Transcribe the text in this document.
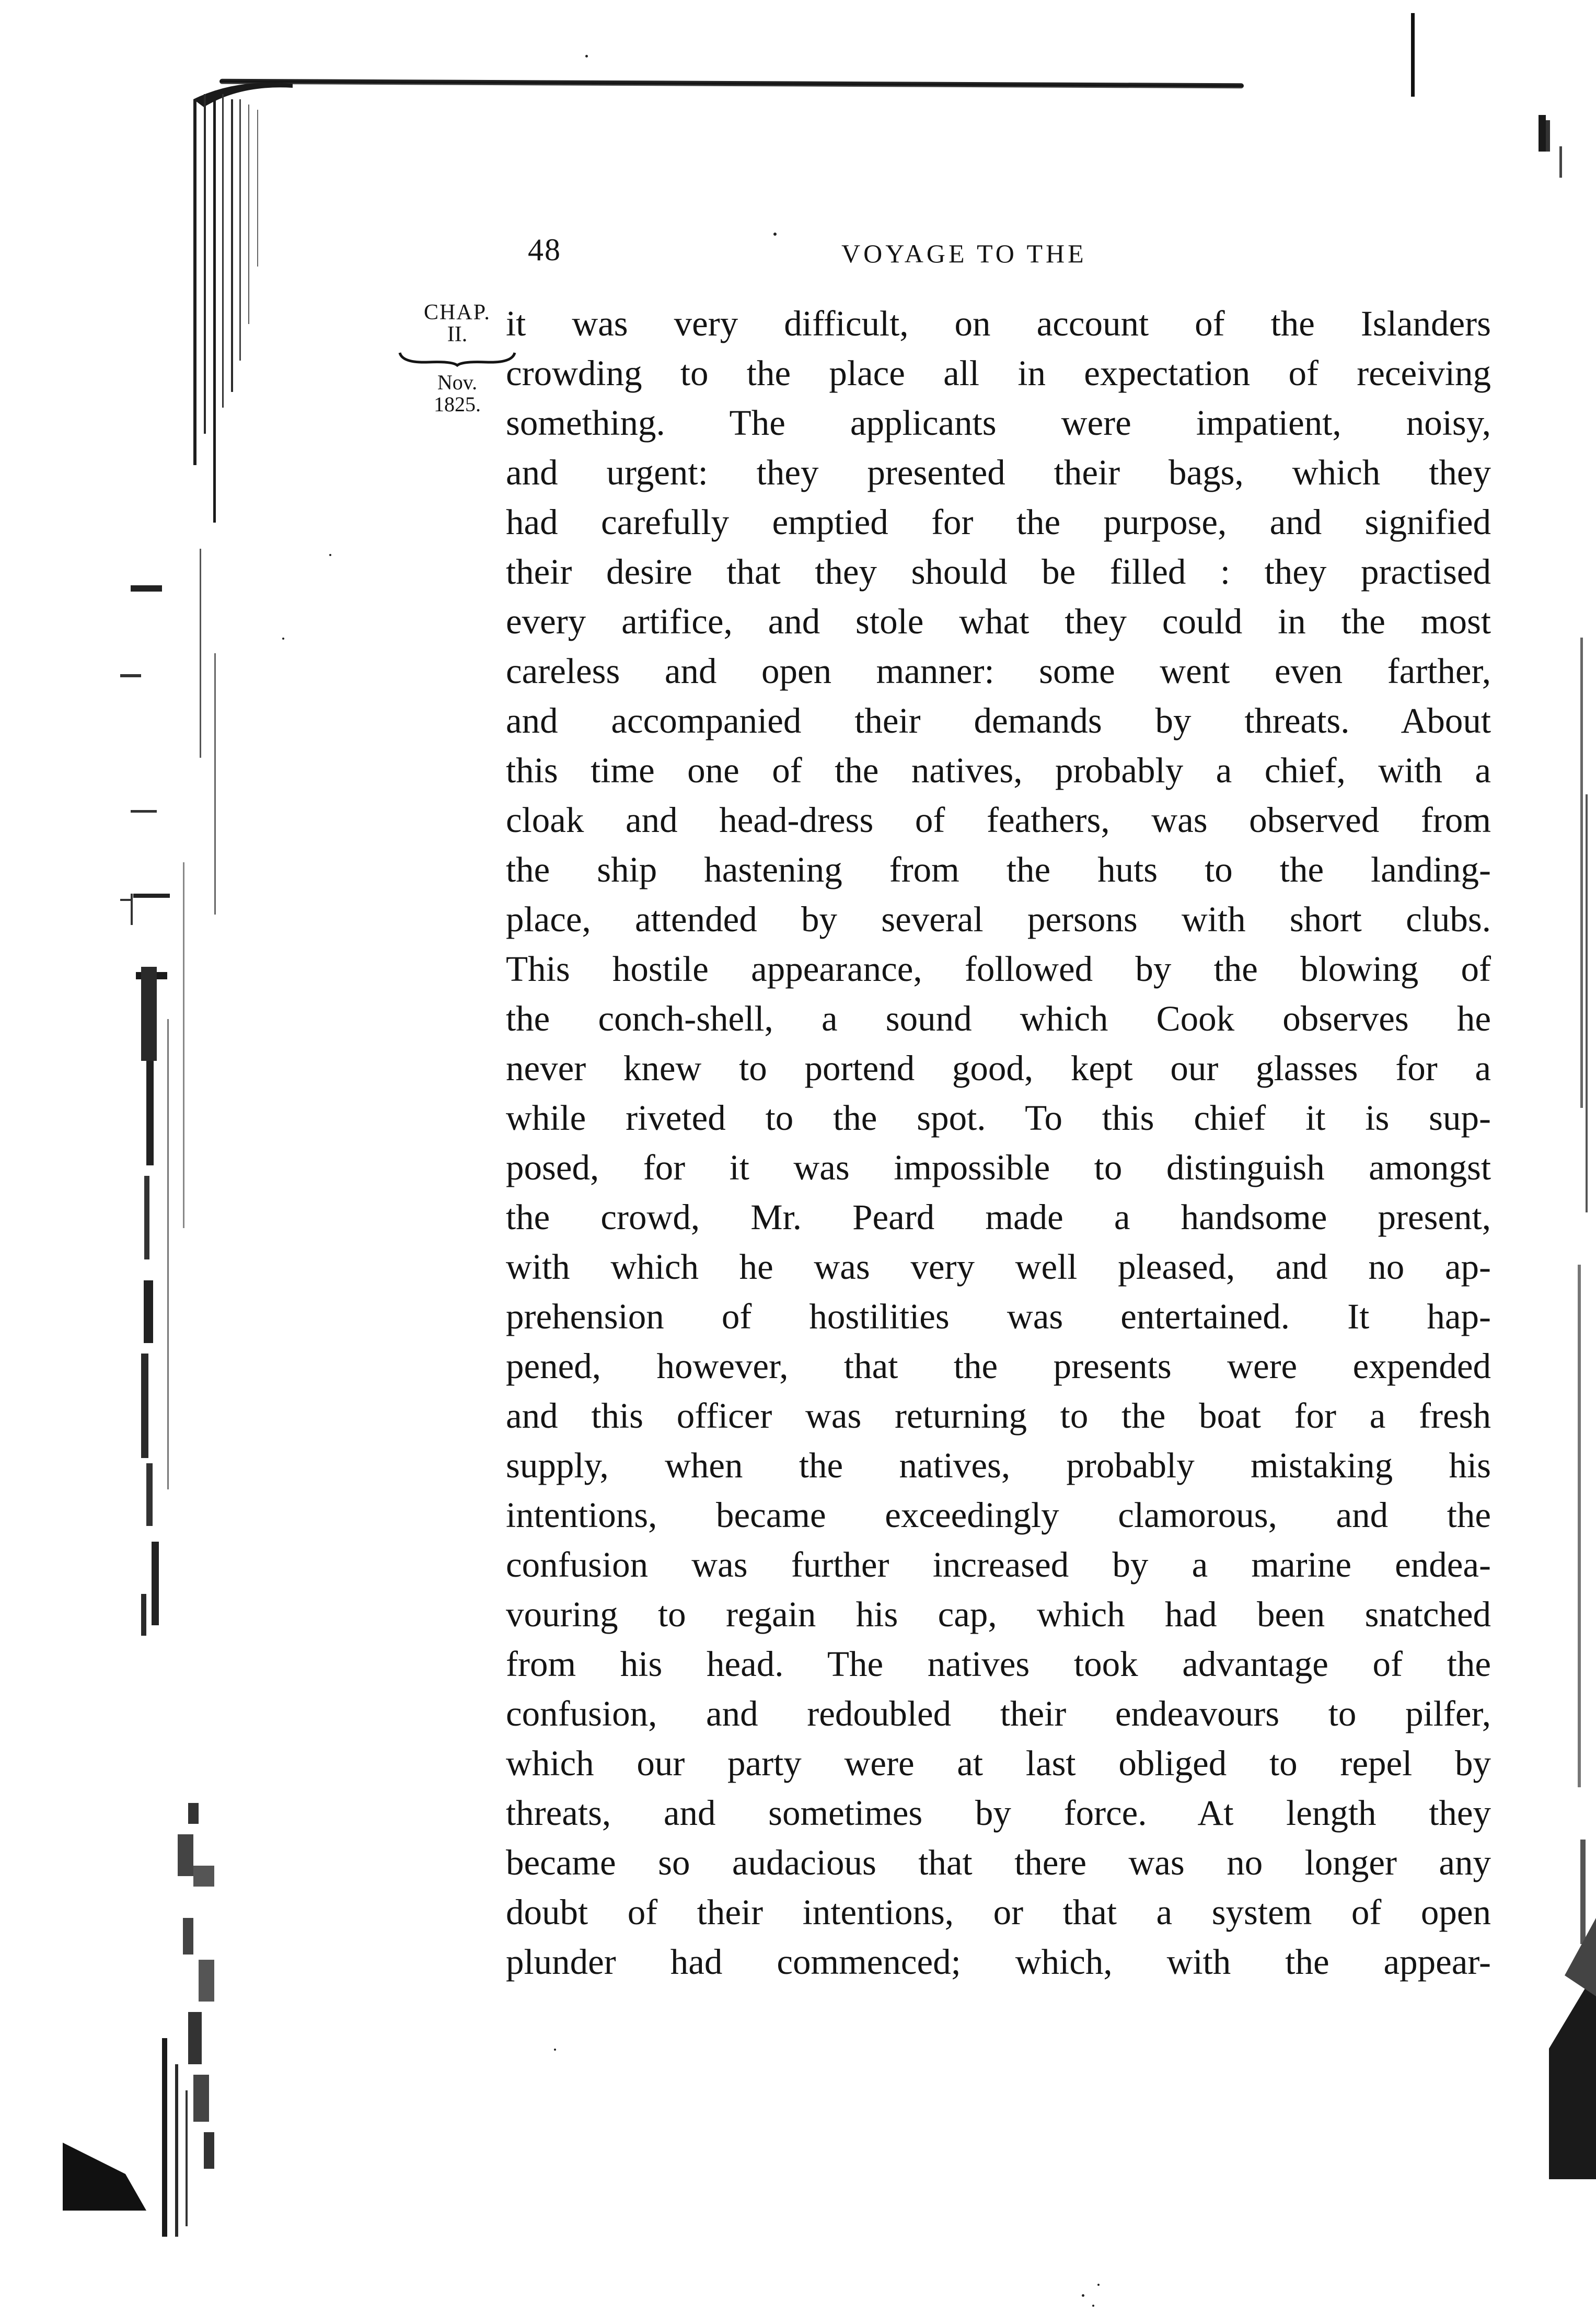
48	VOYAGE TO THE
CHAP.
II.
Nov.
1825.
it was very difficult, on account of the Islanders
crowding to the place all in expectation of receiving
something. The applicants were impatient, noisy,
and urgent: they presented their bags, which they
had carefully emptied for the purpose, and signified
their desire that they should be filled : they practised
every artifice, and stole what they could in the most
careless and open manner: some went even farther,
and accompanied their demands by threats. About
this time one of the natives, probably a chief, with a
cloak and head-dress of feathers, was observed from
the ship hastening from the huts to the landing-
place, attended by several persons with short clubs.
This hostile appearance, followed by the blowing of
the conch-shell, a sound which Cook observes he
never knew to portend good, kept our glasses for a
while riveted to the spot. To this chief it is sup-
posed, for it was impossible to distinguish amongst
the crowd, Mr. Peard made a handsome present,
with which he was very well pleased, and no ap-
prehension of hostilities was entertained. It hap-
pened, however, that the presents were expended
and this officer was returning to the boat for a fresh
supply, when the natives, probably mistaking his
intentions, became exceedingly clamorous, and the
confusion was further increased by a marine endea-
vouring to regain his cap, which had been snatched
from his head. The natives took advantage of the
confusion, and redoubled their endeavours to pilfer,
which our party were at last obliged to repel by
threats, and sometimes by force. At length they
became so audacious that there was no longer any
doubt of their intentions, or that a system of open
plunder had commenced; which, with the appear-
